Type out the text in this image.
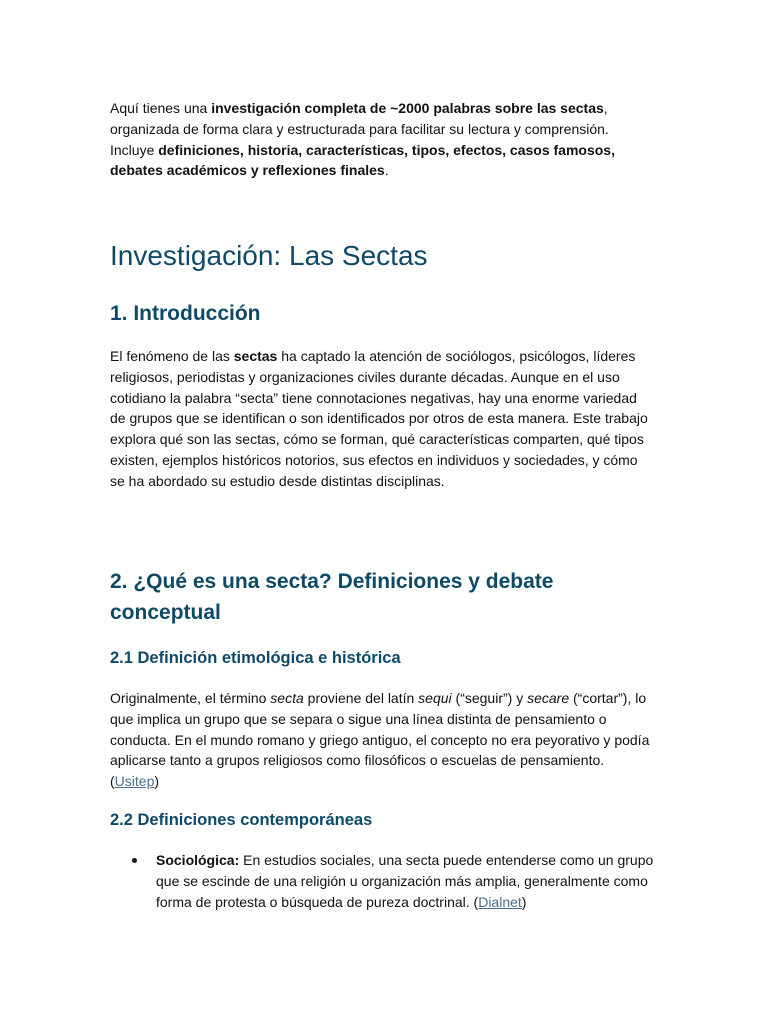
Aquí tienes una investigación completa de ~2000 palabras sobre las sectas, organizada de forma clara y estructurada para facilitar su lectura y comprensión. Incluye definiciones, historia, características, tipos, efectos, casos famosos, debates académicos y reflexiones finales.

Investigación: Las Sectas
1. Introducción

El fenómeno de las sectas ha captado la atención de sociólogos, psicólogos, líderes religiosos, periodistas y organizaciones civiles durante décadas. Aunque en el uso cotidiano la palabra “secta” tiene connotaciones negativas, hay una enorme variedad de grupos que se identifican o son identificados por otros de esta manera. Este trabajo explora qué son las sectas, cómo se forman, qué características comparten, qué tipos existen, ejemplos históricos notorios, sus efectos en individuos y sociedades, y cómo se ha abordado su estudio desde distintas disciplinas.

2. ¿Qué es una secta? Definiciones y debate conceptual
2.1 Definición etimológica e histórica

Originalmente, el término secta proviene del latín sequi (“seguir”) y secare (“cortar”), lo que implica un grupo que se separa o sigue una línea distinta de pensamiento o conducta. En el mundo romano y griego antiguo, el concepto no era peyorativo y podía aplicarse tanto a grupos religiosos como filosóficos o escuelas de pensamiento. (Usitep)

2.2 Definiciones contemporáneas
Sociológica: En estudios sociales, una secta puede entenderse como un grupo que se escinde de una religión u organización más amplia, generalmente como forma de protesta o búsqueda de pureza doctrinal. (Dialnet)
